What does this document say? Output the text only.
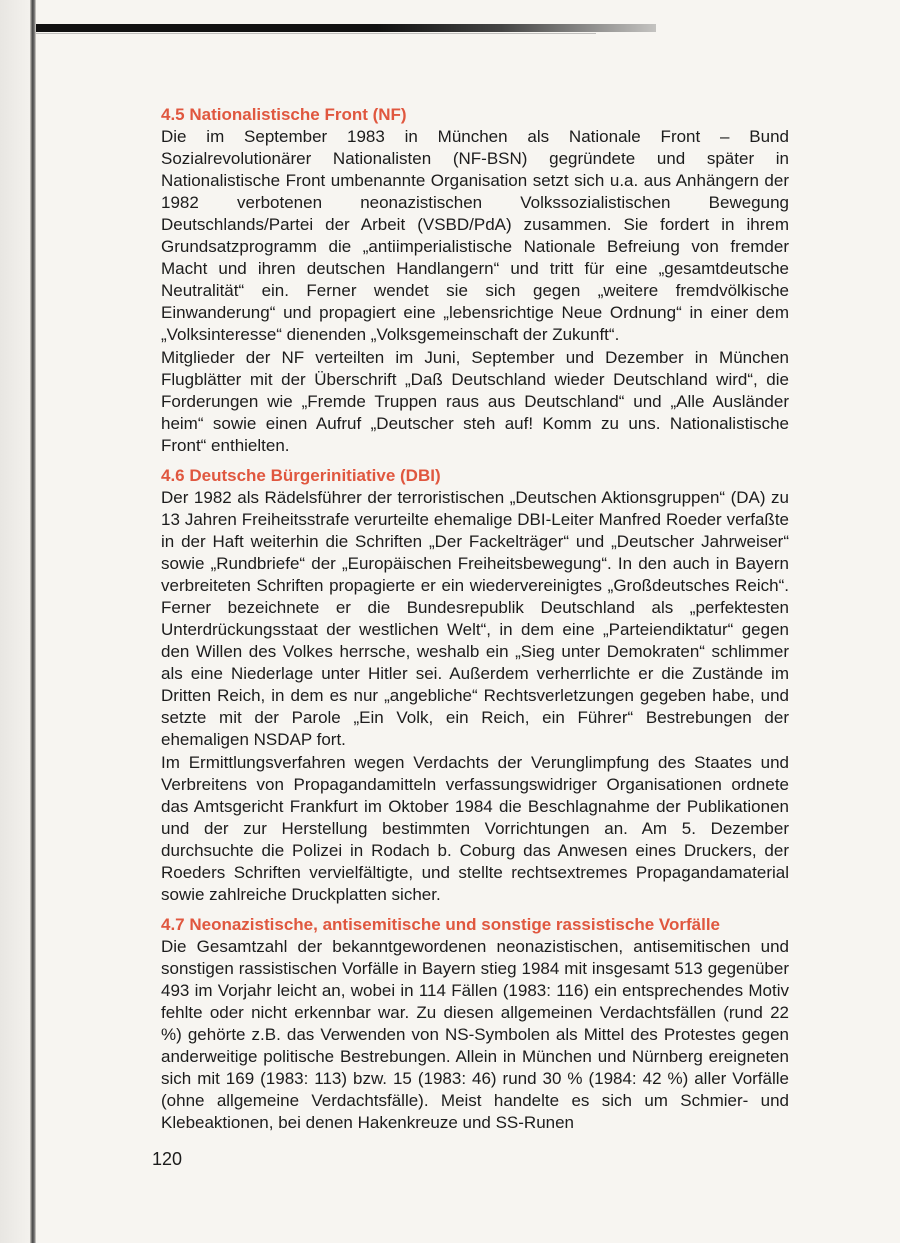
4.5 Nationalistische Front (NF)

Die im September 1983 in München als Nationale Front – Bund Sozialrevolutionärer Nationalisten (NF-BSN) gegründete und später in Nationalistische Front umbenannte Organisation setzt sich u.a. aus Anhängern der 1982 verbotenen neonazistischen Volkssozialistischen Bewegung Deutschlands/Partei der Arbeit (VSBD/PdA) zusammen. Sie fordert in ihrem Grundsatzprogramm die „antiimperialistische Nationale Befreiung von fremder Macht und ihren deutschen Handlangern“ und tritt für eine „gesamtdeutsche Neutralität“ ein. Ferner wendet sie sich gegen „weitere fremdvölkische Einwanderung“ und propagiert eine „lebensrichtige Neue Ordnung“ in einer dem „Volksinteresse“ dienenden „Volksgemeinschaft der Zukunft“.

Mitglieder der NF verteilten im Juni, September und Dezember in München Flugblätter mit der Überschrift „Daß Deutschland wieder Deutschland wird“, die Forderungen wie „Fremde Truppen raus aus Deutschland“ und „Alle Ausländer heim“ sowie einen Aufruf „Deutscher steh auf! Komm zu uns. Nationalistische Front“ enthielten.

4.6 Deutsche Bürgerinitiative (DBI)

Der 1982 als Rädelsführer der terroristischen „Deutschen Aktionsgruppen“ (DA) zu 13 Jahren Freiheitsstrafe verurteilte ehemalige DBI-Leiter Manfred Roeder verfaßte in der Haft weiterhin die Schriften „Der Fackelträger“ und „Deutscher Jahrweiser“ sowie „Rundbriefe“ der „Europäischen Freiheitsbewegung“. In den auch in Bayern verbreiteten Schriften propagierte er ein wiedervereinigtes „Großdeutsches Reich“. Ferner bezeichnete er die Bundesrepublik Deutschland als „perfektesten Unterdrückungsstaat der westlichen Welt“, in dem eine „Parteiendiktatur“ gegen den Willen des Volkes herrsche, weshalb ein „Sieg unter Demokraten“ schlimmer als eine Niederlage unter Hitler sei. Außerdem verherrlichte er die Zustände im Dritten Reich, in dem es nur „angebliche“ Rechtsverletzungen gegeben habe, und setzte mit der Parole „Ein Volk, ein Reich, ein Führer“ Bestrebungen der ehemaligen NSDAP fort.

Im Ermittlungsverfahren wegen Verdachts der Verunglimpfung des Staates und Verbreitens von Propagandamitteln verfassungswidriger Organisationen ordnete das Amtsgericht Frankfurt im Oktober 1984 die Beschlagnahme der Publikationen und der zur Herstellung bestimmten Vorrichtungen an. Am 5. Dezember durchsuchte die Polizei in Rodach b. Coburg das Anwesen eines Druckers, der Roeders Schriften vervielfältigte, und stellte rechtsextremes Propagandamaterial sowie zahlreiche Druckplatten sicher.

4.7 Neonazistische, antisemitische und sonstige rassistische Vorfälle

Die Gesamtzahl der bekanntgewordenen neonazistischen, antisemitischen und sonstigen rassistischen Vorfälle in Bayern stieg 1984 mit insgesamt 513 gegenüber 493 im Vorjahr leicht an, wobei in 114 Fällen (1983: 116) ein entsprechendes Motiv fehlte oder nicht erkennbar war. Zu diesen allgemeinen Verdachtsfällen (rund 22 %) gehörte z.B. das Verwenden von NS-Symbolen als Mittel des Protestes gegen anderweitige politische Bestrebungen. Allein in München und Nürnberg ereigneten sich mit 169 (1983: 113) bzw. 15 (1983: 46) rund 30 % (1984: 42 %) aller Vorfälle (ohne allgemeine Verdachtsfälle). Meist handelte es sich um Schmier- und Klebeaktionen, bei denen Hakenkreuze und SS-Runen

120
